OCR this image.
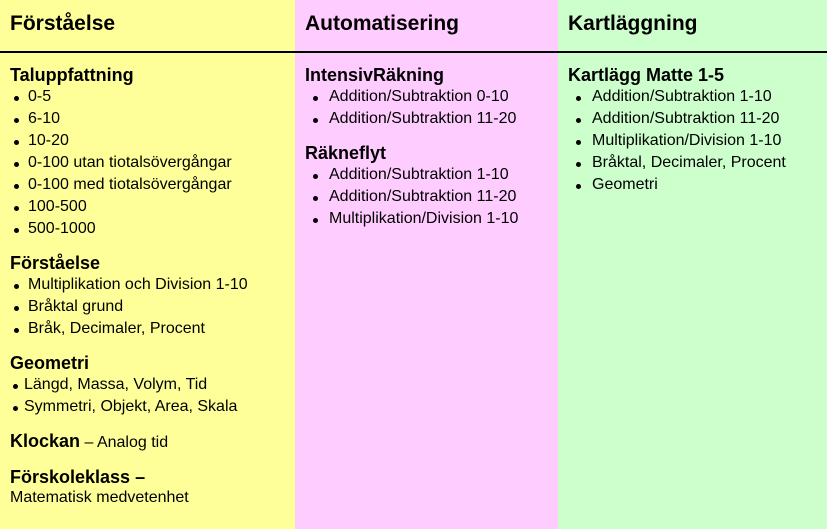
Förståelse
Taluppfattning
0-5
6-10
10-20
0-100 utan tiotalsövergångar
0-100 med tiotalsövergångar
100-500
500-1000
Förståelse
Multiplikation och Division 1-10
Bråktal grund
Bråk, Decimaler, Procent
Geometri
Längd, Massa, Volym, Tid
Symmetri, Objekt, Area, Skala
Klockan – Analog tid
Förskoleklass –
Matematisk medvetenhet
Automatisering
IntensivRäkning
Addition/Subtraktion 0-10
Addition/Subtraktion 11-20
Räkneflyt
Addition/Subtraktion 1-10
Addition/Subtraktion 11-20
Multiplikation/Division 1-10
Kartläggning
Kartlägg Matte 1-5
Addition/Subtraktion 1-10
Addition/Subtraktion 11-20
Multiplikation/Division 1-10
Bråktal, Decimaler, Procent
Geometri
